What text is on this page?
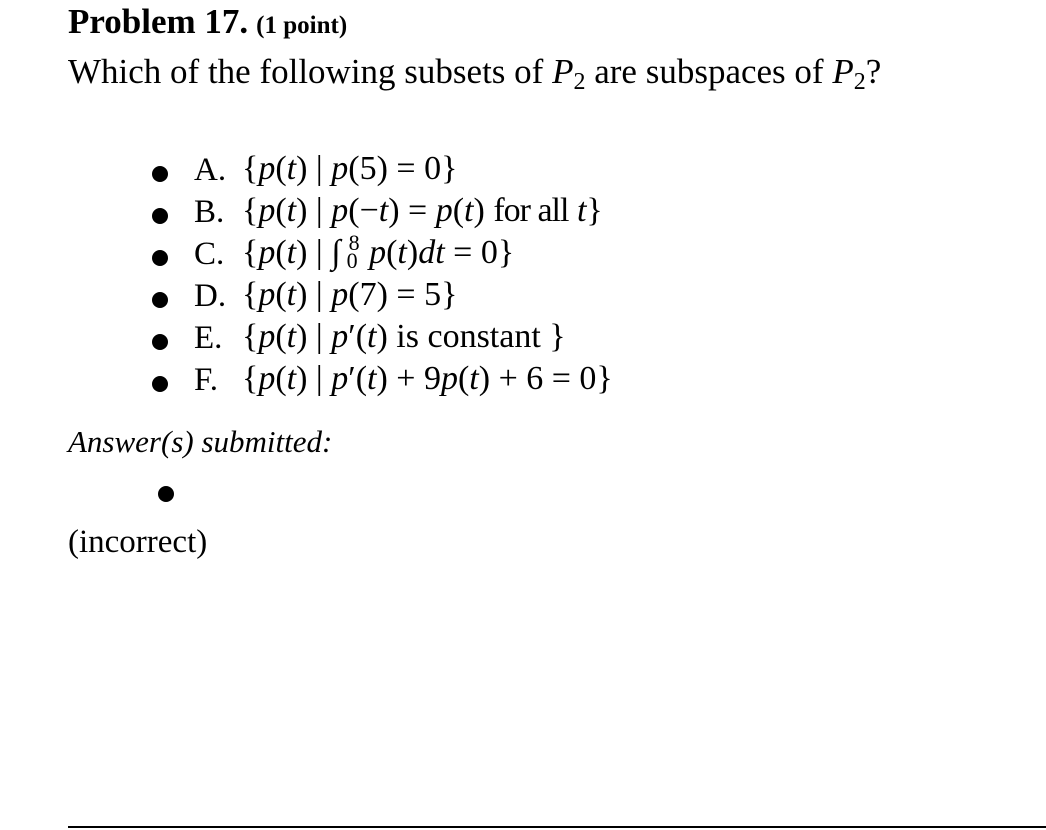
Problem 17. (1 point)
Which of the following subsets of $P_2$ are subspaces of $P_2$?
A. {p(t) | p(5) = 0}
B. {p(t) | p(−t) = p(t) for all t}
C. {p(t) | ∫ 8
0 p(t)dt = 0}
D. {p(t) | p(7) = 5}
E. {p(t) | p′(t) is constant }
F. {p(t) | p′(t) + 9p(t) + 6 = 0}
Answer(s) submitted:
(incorrect)
